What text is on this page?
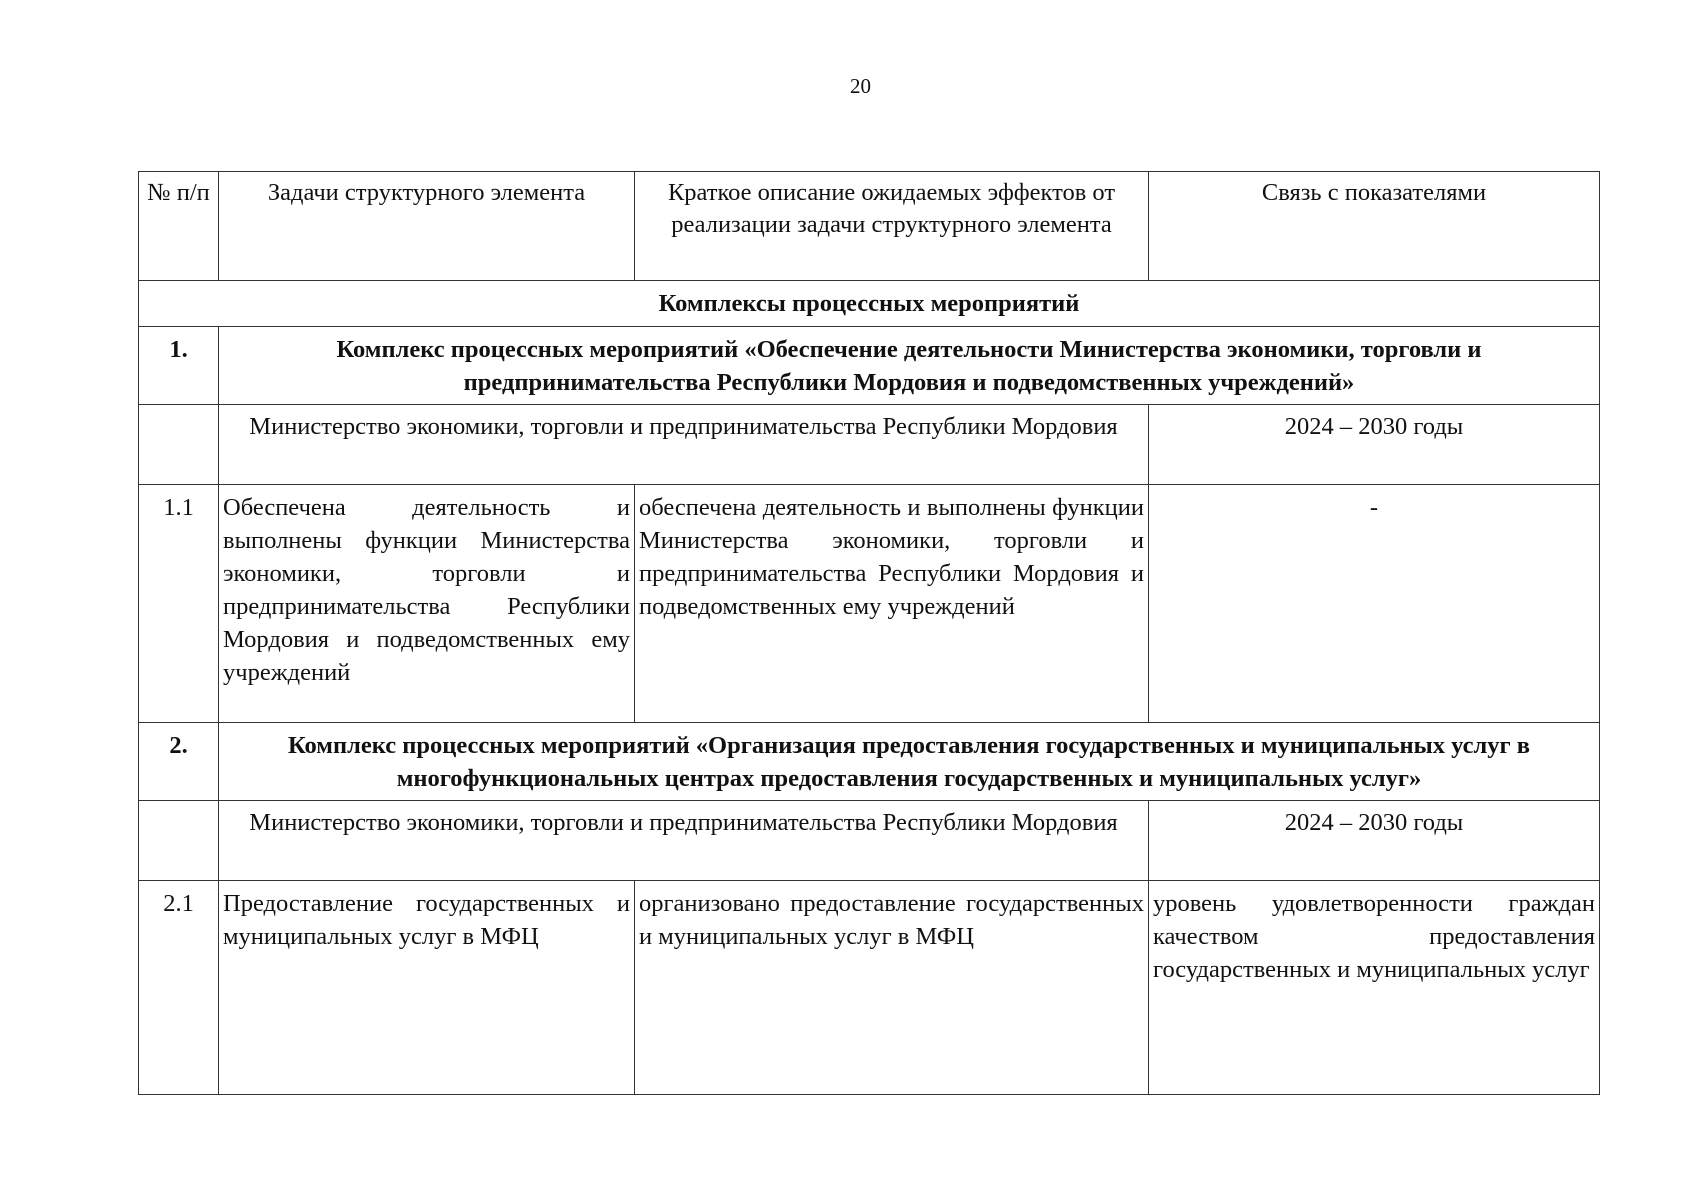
20
№ п/п	Задачи структурного элемента	Краткое описание ожидаемых эффектов от реализации задачи структурного элемента	Связь с показателями
Комплексы процессных мероприятий			
1.	Комплекс процессных мероприятий «Обеспечение деятельности Министерства экономики, торговли и предпринимательства Республики Мордовия и подведомственных учреждений»		
	Министерство экономики, торговли и предпринимательства Республики Мордовия		2024 – 2030 годы
1.1	Обеспечена деятельность и выполнены функции Министерства экономики, торговли и предпринимательства Республики Мордовия и подведомственных ему учреждений	обеспечена деятельность и выполнены функции Министерства экономики, торговли и предпринимательства Республики Мордовия и подведомственных ему учреждений	-
2.	Комплекс процессных мероприятий «Организация предоставления государственных и муниципальных услуг в многофункциональных центрах предоставления государственных и муниципальных услуг»		
	Министерство экономики, торговли и предпринимательства Республики Мордовия		2024 – 2030 годы
2.1	Предоставление государственных и муниципальных услуг в МФЦ	организовано предоставление государственных и муниципальных услуг в МФЦ	уровень удовлетворенности граждан качеством предоставления государственных и муниципальных услуг
